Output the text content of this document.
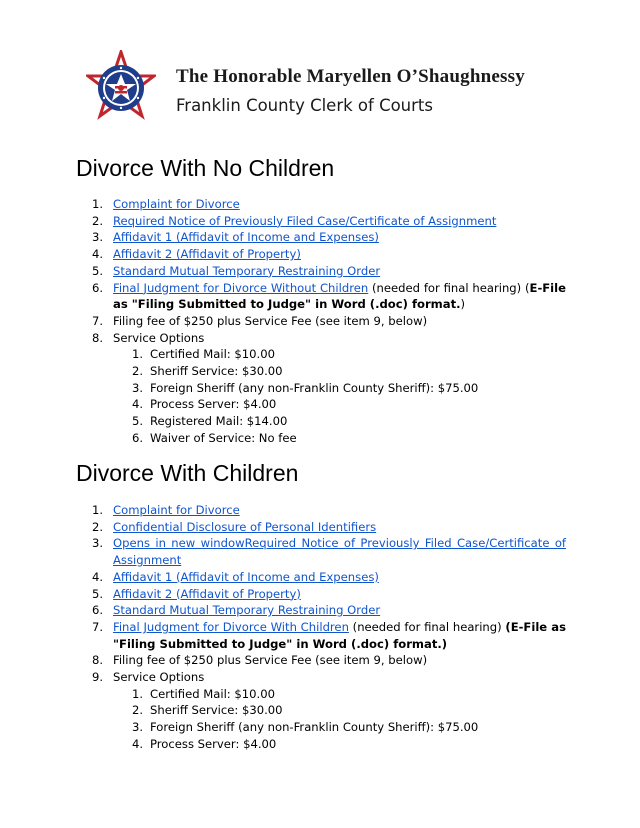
The Honorable Maryellen O’Shaughnessy
Franklin County Clerk of Courts
Divorce With No Children
1. Complaint for Divorce
2. Required Notice of Previously Filed Case/Certificate of Assignment
3. Affidavit 1 (Affidavit of Income and Expenses)
4. Affidavit 2 (Affidavit of Property)
5. Standard Mutual Temporary Restraining Order
6. Final Judgment for Divorce Without Children (needed for final hearing) (E-File as "Filing Submitted to Judge" in Word (.doc) format.)
7. Filing fee of $250 plus Service Fee (see item 9, below)
8. Service Options
1. Certified Mail: $10.00
2. Sheriff Service: $30.00
3. Foreign Sheriff (any non-Franklin County Sheriff): $75.00
4. Process Server: $4.00
5. Registered Mail: $14.00
6. Waiver of Service: No fee
Divorce With Children
1. Complaint for Divorce
2. Confidential Disclosure of Personal Identifiers
3. Opens in new windowRequired Notice of Previously Filed Case/Certificate of Assignment
4. Affidavit 1 (Affidavit of Income and Expenses)
5. Affidavit 2 (Affidavit of Property)
6. Standard Mutual Temporary Restraining Order
7. Final Judgment for Divorce With Children (needed for final hearing) (E-File as "Filing Submitted to Judge" in Word (.doc) format.)
8. Filing fee of $250 plus Service Fee (see item 9, below)
9. Service Options
1. Certified Mail: $10.00
2. Sheriff Service: $30.00
3. Foreign Sheriff (any non-Franklin County Sheriff): $75.00
4. Process Server: $4.00
